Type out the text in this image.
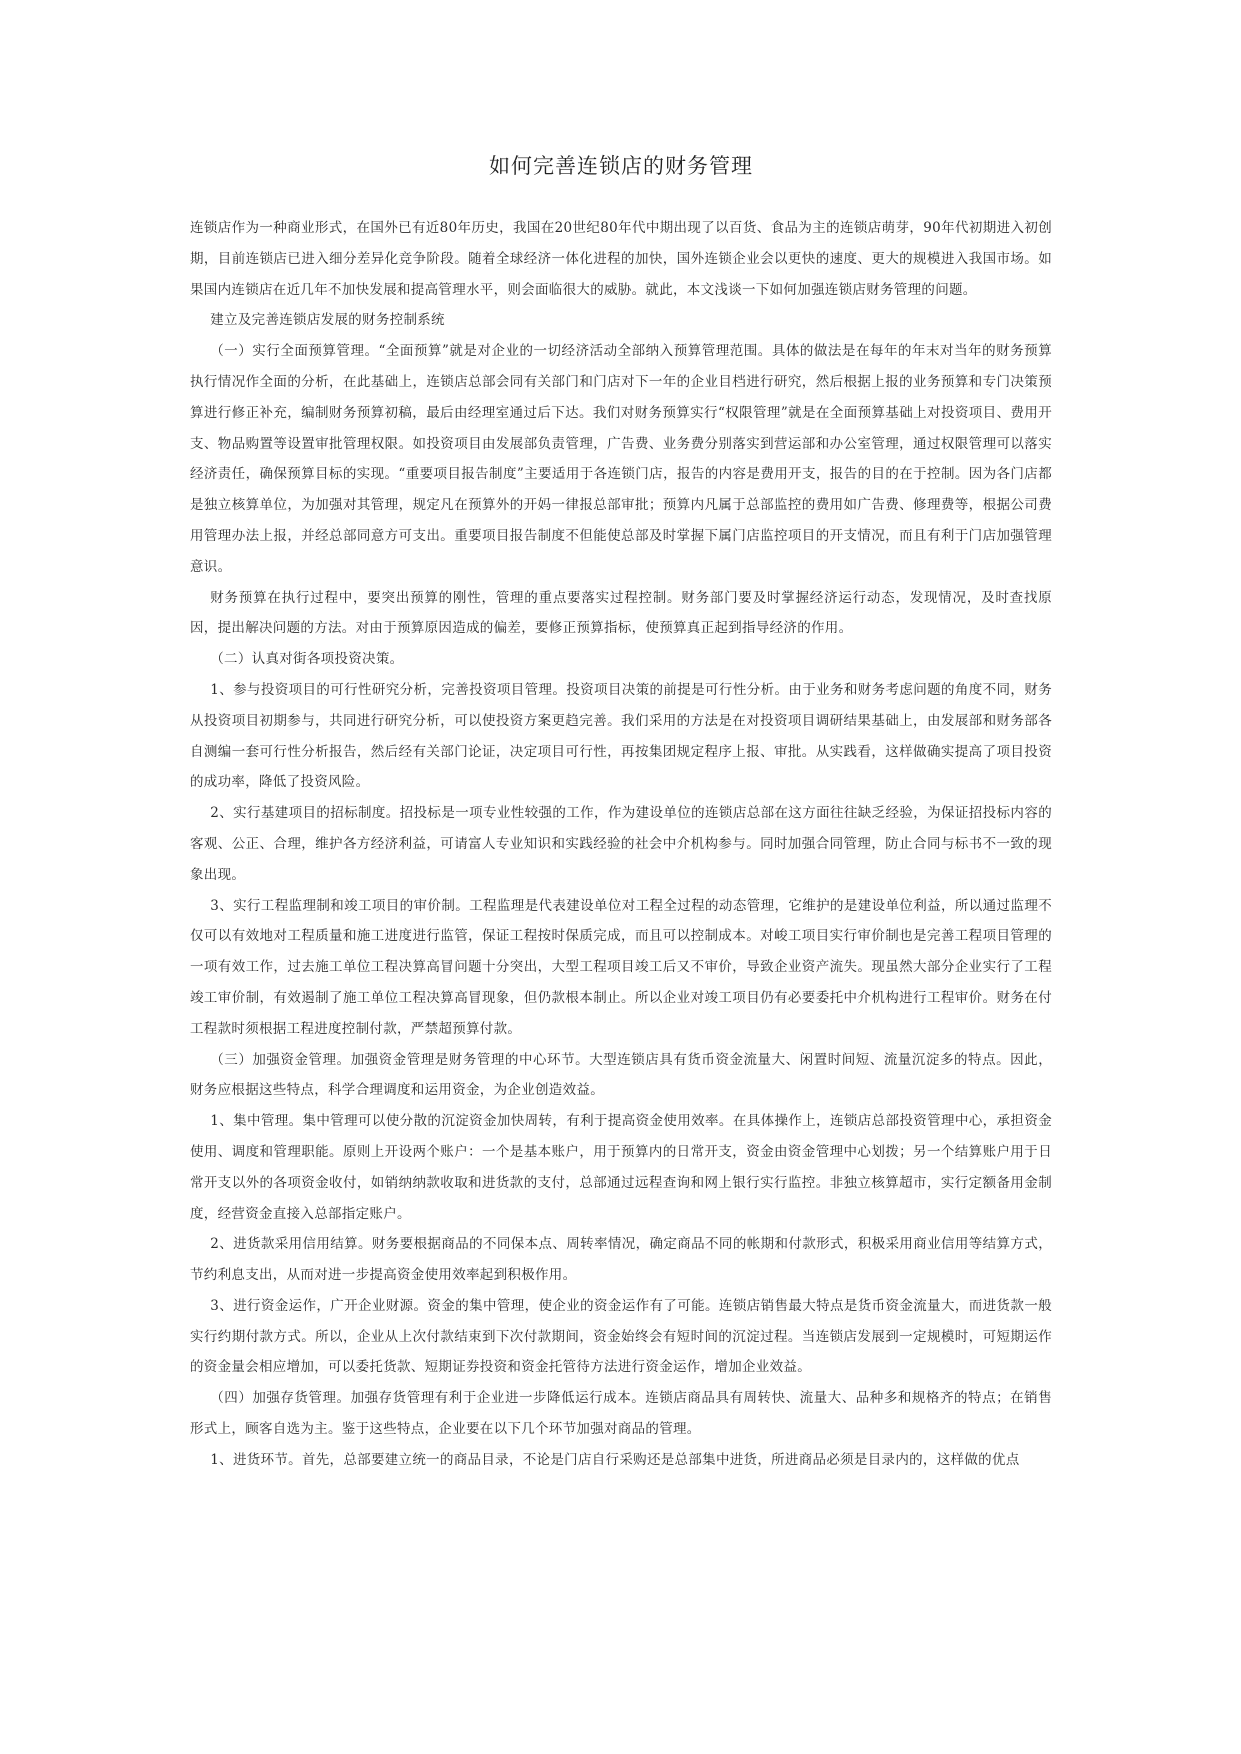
如何完善连锁店的财务管理

连锁店作为一种商业形式，在国外已有近80年历史，我国在20世纪80年代中期出现了以百货、食品为主的连锁店萌芽，90年代初期进入初创期，目前连锁店已进入细分差异化竞争阶段。随着全球经济一体化进程的加快，国外连锁企业会以更快的速度、更大的规模进入我国市场。如果国内连锁店在近几年不加快发展和提高管理水平，则会面临很大的威胁。就此，本文浅谈一下如何加强连锁店财务管理的问题。

建立及完善连锁店发展的财务控制系统

（一）实行全面预算管理。“全面预算”就是对企业的一切经济活动全部纳入预算管理范围。具体的做法是在每年的年末对当年的财务预算执行情况作全面的分析，在此基础上，连锁店总部会同有关部门和门店对下一年的企业目档进行研究，然后根据上报的业务预算和专门决策预算进行修正补充，编制财务预算初稿，最后由经理室通过后下达。我们对财务预算实行“权限管理”就是在全面预算基础上对投资项目、费用开支、物品购置等设置审批管理权限。如投资项目由发展部负责管理，广告费、业务费分别落实到营运部和办公室管理，通过权限管理可以落实经济责任，确保预算目标的实现。“重要项目报告制度”主要适用于各连锁门店，报告的内容是费用开支，报告的目的在于控制。因为各门店都是独立核算单位，为加强对其管理，规定凡在预算外的开妈一律报总部审批；预算内凡属于总部监控的费用如广告费、修理费等，根据公司费用管理办法上报，并经总部同意方可支出。重要项目报告制度不但能使总部及时掌握下属门店监控项目的开支情况，而且有利于门店加强管理意识。

财务预算在执行过程中，要突出预算的刚性，管理的重点要落实过程控制。财务部门要及时掌握经济运行动态，发现情况，及时查找原因，提出解决问题的方法。对由于预算原因造成的偏差，要修正预算指标，使预算真正起到指导经济的作用。

（二）认真对街各项投资决策。

1、参与投资项目的可行性研究分析，完善投资项目管理。投资项目决策的前提是可行性分析。由于业务和财务考虑问题的角度不同，财务从投资项目初期参与，共同进行研究分析，可以使投资方案更趋完善。我们采用的方法是在对投资项目调研结果基础上，由发展部和财务部各自测编一套可行性分析报告，然后经有关部门论证，决定项目可行性，再按集团规定程序上报、审批。从实践看，这样做确实提高了项目投资的成功率，降低了投资风险。

2、实行基建项目的招标制度。招投标是一项专业性较强的工作，作为建设单位的连锁店总部在这方面往往缺乏经验，为保证招投标内容的客观、公正、合理，维护各方经济利益，可请富人专业知识和实践经验的社会中介机构参与。同时加强合同管理，防止合同与标书不一致的现象出现。

3、实行工程监理制和竣工项目的审价制。工程监理是代表建设单位对工程全过程的动态管理，它维护的是建设单位利益，所以通过监理不仅可以有效地对工程质量和施工进度进行监管，保证工程按时保质完成，而且可以控制成本。对峻工项目实行审价制也是完善工程项目管理的一项有效工作，过去施工单位工程决算高冒问题十分突出，大型工程项目竣工后又不审价，导致企业资产流失。现虽然大部分企业实行了工程竣工审价制，有效遏制了施工单位工程决算高冒现象，但仍款根本制止。所以企业对竣工项目仍有必要委托中介机构进行工程审价。财务在付工程款时须根据工程进度控制付款，严禁超预算付款。

（三）加强资金管理。加强资金管理是财务管理的中心环节。大型连锁店具有货币资金流量大、闲置时间短、流量沉淀多的特点。因此，财务应根据这些特点，科学合理调度和运用资金，为企业创造效益。

1、集中管理。集中管理可以使分散的沉淀资金加快周转，有利于提高资金使用效率。在具体操作上，连锁店总部投资管理中心，承担资金使用、调度和管理职能。原则上开设两个账户：一个是基本账户，用于预算内的日常开支，资金由资金管理中心划拨；另一个结算账户用于日常开支以外的各项资金收付，如销纳纳款收取和进货款的支付，总部通过远程查询和网上银行实行监控。非独立核算超市，实行定额备用金制度，经营资金直接入总部指定账户。

2、进货款采用信用结算。财务要根据商品的不同保本点、周转率情况，确定商品不同的帐期和付款形式，积极采用商业信用等结算方式，节约利息支出，从而对进一步提高资金使用效率起到积极作用。

3、进行资金运作，广开企业财源。资金的集中管理，使企业的资金运作有了可能。连锁店销售最大特点是货币资金流量大，而进货款一般实行约期付款方式。所以，企业从上次付款结束到下次付款期间，资金始终会有短时间的沉淀过程。当连锁店发展到一定规模时，可短期运作的资金量会相应增加，可以委托货款、短期证券投资和资金托管待方法进行资金运作，增加企业效益。

（四）加强存货管理。加强存货管理有利于企业进一步降低运行成本。连锁店商品具有周转快、流量大、品种多和规格齐的特点；在销售形式上，顾客自选为主。鉴于这些特点，企业要在以下几个环节加强对商品的管理。

1、进货环节。首先，总部要建立统一的商品目录，不论是门店自行采购还是总部集中进货，所进商品必须是目录内的，这样做的优点
